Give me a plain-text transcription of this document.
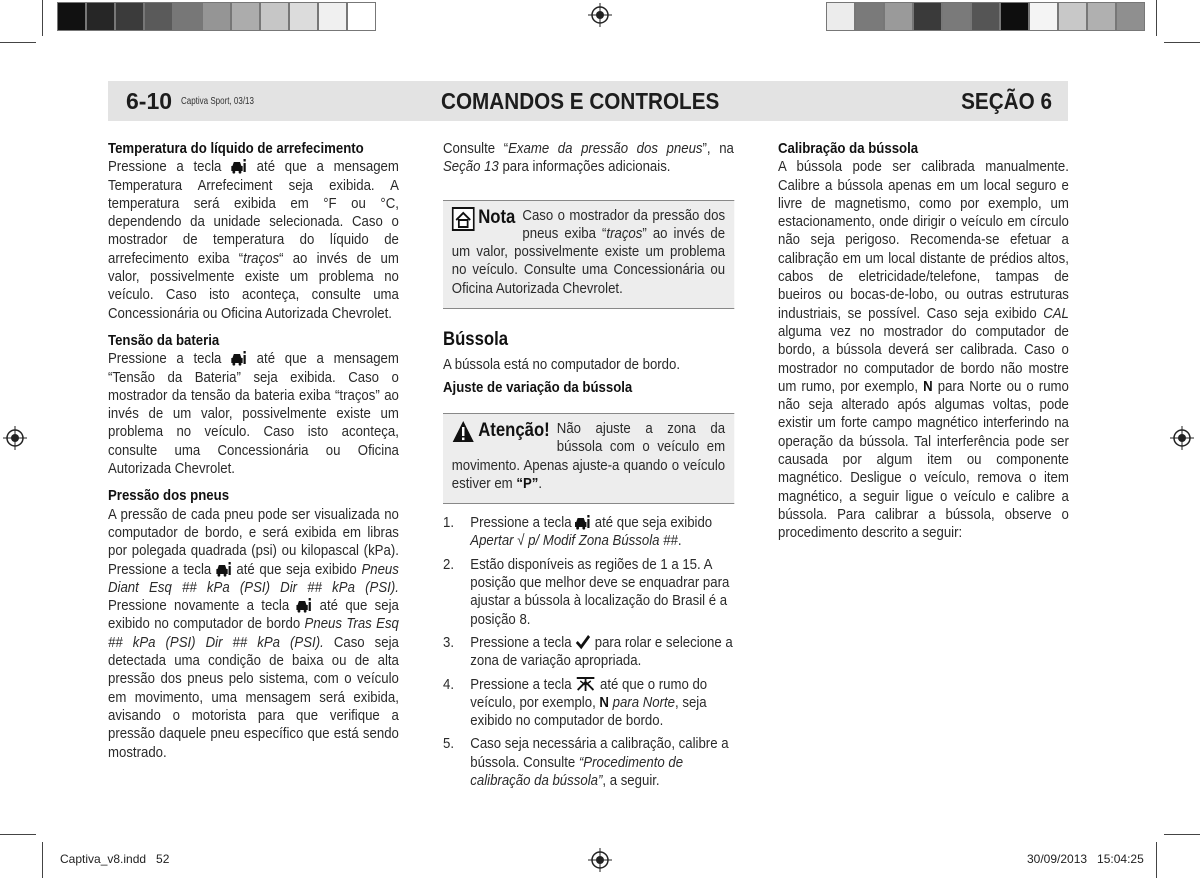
6-10 Captiva Sport, 03/13	COMANDOS E CONTROLES	SEÇÃO 6
Temperatura do líquido de arrefecimento

Pressione a tecla  até que a mensagem Temperatura Arrefeciment seja exibida. A temperatura será exibida em °F ou °C, dependendo da unidade selecionada. Caso o mostrador de temperatura do líquido de arrefecimento exiba “traços“ ao invés de um valor, possivelmente existe um problema no veículo. Caso isto aconteça, consulte uma Concessionária ou Oficina Autorizada Chevrolet.

Tensão da bateria

Pressione a tecla  até que a mensagem “Tensão da Bateria” seja exibida. Caso o mostrador da tensão da bateria exiba “traços” ao invés de um valor, possivelmente existe um problema no veículo. Caso isto aconteça, consulte uma Concessionária ou Oficina Autorizada Chevrolet.

Pressão dos pneus

A pressão de cada pneu pode ser visualizada no computador de bordo, e será exibida em libras por polegada quadrada (psi) ou kilopascal (kPa). Pressione a tecla  até que seja exibido Pneus Diant Esq ## kPa (PSI) Dir ## kPa (PSI). Pressione novamente a tecla  até que seja exibido no computador de bordo Pneus Tras Esq ## kPa (PSI) Dir ## kPa (PSI). Caso seja detectada uma condição de baixa ou de alta pressão dos pneus pelo sistema, com o veículo em movimento, uma mensagem será exibida, avisando o motorista para que verifique a pressão daquele pneu específico que está sendo mostrado.

Consulte “Exame da pressão dos pneus”, na Seção 13 para informações adicionais.

Nota Caso o mostrador da pressão dos pneus exiba “traços” ao invés de um valor, possivelmente existe um problema no veículo. Consulte uma Concessionária ou Oficina Autorizada Chevrolet.

Bússola

A bússola está no computador de bordo.

Ajuste de variação da bússola
Atenção! Não ajuste a zona da bússola com o veículo em movimento. Apenas ajuste-a quando o veículo estiver em “P”.

1. Pressione a tecla  até que seja exibido Apertar √ p/ Modif Zona Bússola ##.
2. Estão disponíveis as regiões de 1 a 15. A posição que melhor deve se enquadrar para ajustar a bússola à localização do Brasil é a posição 8.
3. Pressione a tecla  para rolar e selecione a zona de variação apropriada.
4. Pressione a tecla  até que o rumo do veículo, por exemplo, N para Norte, seja exibido no computador de bordo.
5. Caso seja necessária a calibração, calibre a bússola. Consulte “Procedimento de calibração da bússola”, a seguir.
Calibração da bússola

A bússola pode ser calibrada manualmente. Calibre a bússola apenas em um local seguro e livre de magnetismo, como por exemplo, um estacionamento, onde dirigir o veículo em círculo não seja perigoso. Recomenda-se efetuar a calibração em um local distante de prédios altos, cabos de eletricidade/telefone, tampas de bueiros ou bocas-de-lobo, ou outras estruturas industriais, se possível. Caso seja exibido CAL alguma vez no mostrador do computador de bordo, a bússola deverá ser calibrada. Caso o mostrador no computador de bordo não mostre um rumo, por exemplo, N para Norte ou o rumo não seja alterado após algumas voltas, pode existir um forte campo magnético interferindo na operação da bússola. Tal interferência pode ser causada por algum item ou componente magnético. Desligue o veículo, remova o item magnético, a seguir ligue o veículo e calibre a bússola. Para calibrar a bússola, observe o procedimento descrito a seguir:

Captiva_v8.indd   52	30/09/2013   15:04:25
